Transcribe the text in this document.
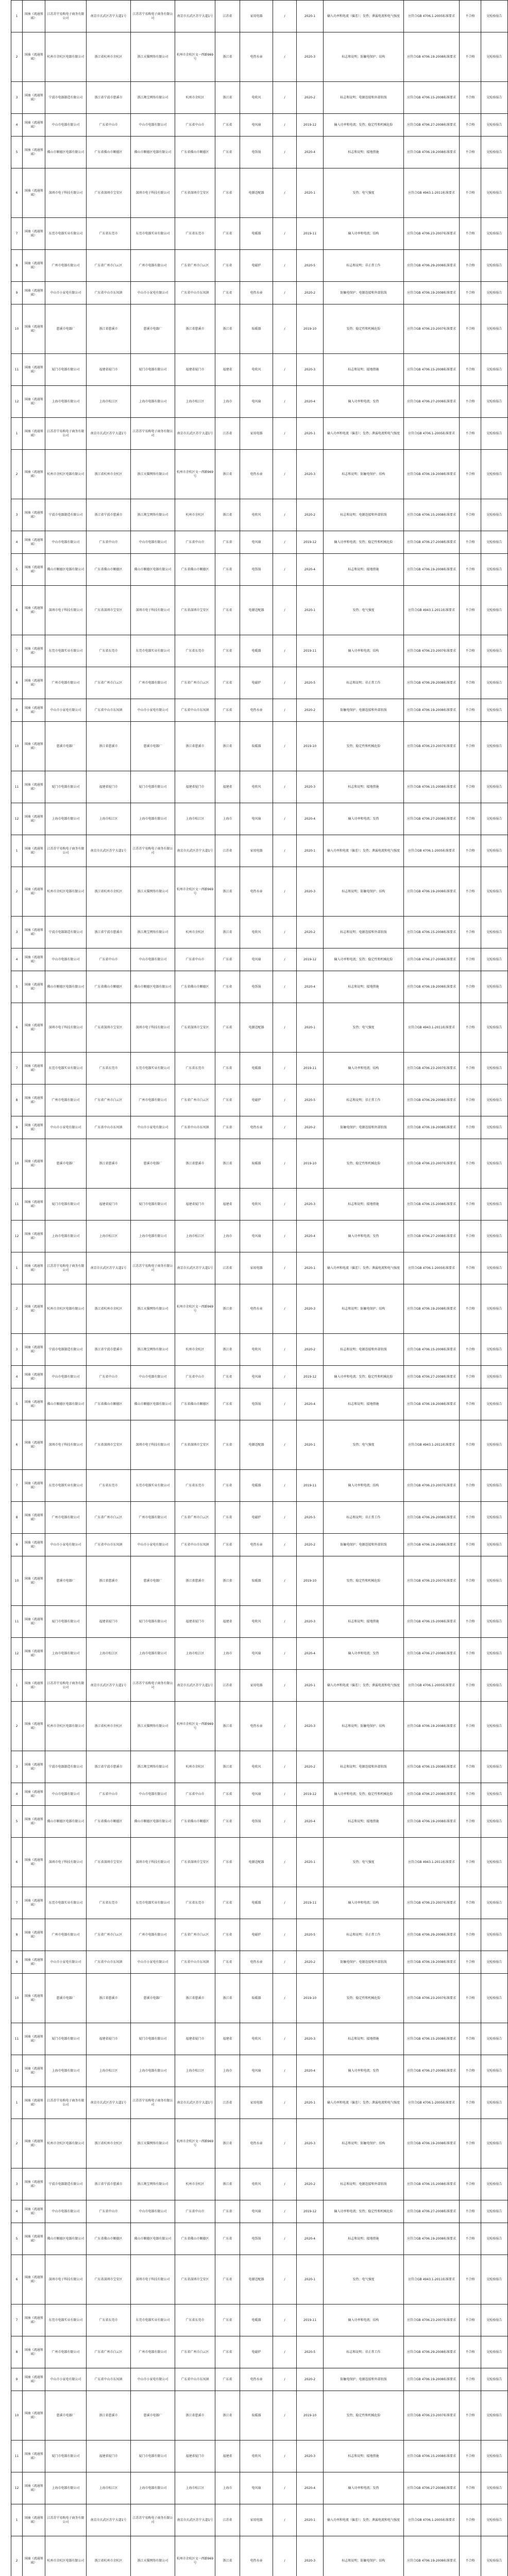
1	国抽（流通领域）	江苏苏宁易购电子商务有限公司	南京市玄武区苏宁大道1号	江苏苏宁易购电子商务有限公司	南京市玄武区苏宁大道1号	江苏省	家用电器	/	2020-1	输入功率和电流（偏差）；发热；泄漏电流和电气强度	应符合GB 4706.1-2005标准要求	不合格	见检验报告
2	国抽（流通领域）	杭州市余杭区电器有限公司	浙江省杭州市余杭区	浙江天猫网络有限公司	杭州市余杭区文一西路969号	浙江省	电热水壶	/	2020-3	标志和说明；防触电保护；结构	应符合GB 4706.19-2008标准要求	不合格	见检验报告
3	国抽（流通领域）	宁波市电器制造有限公司	浙江省宁波市慈溪市	浙江淘宝网络有限公司	杭州市余杭区	浙江省	电吹风	/	2020-2	标志和说明；电源连接和外部软线	应符合GB 4706.15-2008标准要求	不合格	见检验报告
4	国抽（流通领域）	中山市电器有限公司	广东省中山市	中山市电器有限公司	广东省中山市	广东省	电风扇	/	2019-12	输入功率和电流；发热；稳定性和机械危险	应符合GB 4706.27-2008标准要求	不合格	见检验报告
5	国抽（流通领域）	佛山市顺德区电器有限公司	广东省佛山市顺德区	佛山市顺德区电器有限公司	广东省佛山市顺德区	广东省	电饭锅	/	2020-4	标志和说明；接地措施	应符合GB 4706.19-2008标准要求	不合格	见检验报告
6	国抽（流通领域）	深圳市电子科技有限公司	广东省深圳市宝安区	深圳市电子科技有限公司	广东省深圳市宝安区	广东省	电源适配器	/	2020-1	发热；电气强度	应符合GB 4943.1-2011标准要求	不合格	见检验报告
7	国抽（流通领域）	东莞市电器实业有限公司	广东省东莞市	东莞市电器实业有限公司	广东省东莞市	广东省	电暖器	/	2019-11	输入功率和电流；结构	应符合GB 4706.23-2007标准要求	不合格	见检验报告
8	国抽（流通领域）	广州市电器有限公司	广东省广州市白云区	广州市电器有限公司	广东省广州市白云区	广东省	电磁炉	/	2020-5	标志和说明；非正常工作	应符合GB 4706.29-2008标准要求	不合格	见检验报告
9	国抽（流通领域）	中山市小家电有限公司	广东省中山市东凤镇	中山市小家电有限公司	广东省中山市东凤镇	广东省	电热水壶	/	2020-2	防触电保护；电源连接和外部软线	应符合GB 4706.19-2008标准要求	不合格	见检验报告
10	国抽（流通领域）	慈溪市电器厂	浙江省慈溪市	慈溪市电器厂	浙江省慈溪市	浙江省	取暖器	/	2019-10	发热；稳定性和机械危险	应符合GB 4706.23-2007标准要求	不合格	见检验报告
11	国抽（流通领域）	厦门市电器有限公司	福建省厦门市	厦门市电器有限公司	福建省厦门市	福建省	电吹风	/	2020-3	标志和说明；接地措施	应符合GB 4706.15-2008标准要求	不合格	见检验报告
12	国抽（流通领域）	上海市电器有限公司	上海市松江区	上海市电器有限公司	上海市松江区	上海市	电风扇	/	2020-4	输入功率和电流；发热	应符合GB 4706.27-2008标准要求	不合格	见检验报告
1	国抽（流通领域）	江苏苏宁易购电子商务有限公司	南京市玄武区苏宁大道1号	江苏苏宁易购电子商务有限公司	南京市玄武区苏宁大道1号	江苏省	家用电器	/	2020-1	输入功率和电流（偏差）；发热；泄漏电流和电气强度	应符合GB 4706.1-2005标准要求	不合格	见检验报告
2	国抽（流通领域）	杭州市余杭区电器有限公司	浙江省杭州市余杭区	浙江天猫网络有限公司	杭州市余杭区文一西路969号	浙江省	电热水壶	/	2020-3	标志和说明；防触电保护；结构	应符合GB 4706.19-2008标准要求	不合格	见检验报告
3	国抽（流通领域）	宁波市电器制造有限公司	浙江省宁波市慈溪市	浙江淘宝网络有限公司	杭州市余杭区	浙江省	电吹风	/	2020-2	标志和说明；电源连接和外部软线	应符合GB 4706.15-2008标准要求	不合格	见检验报告
4	国抽（流通领域）	中山市电器有限公司	广东省中山市	中山市电器有限公司	广东省中山市	广东省	电风扇	/	2019-12	输入功率和电流；发热；稳定性和机械危险	应符合GB 4706.27-2008标准要求	不合格	见检验报告
5	国抽（流通领域）	佛山市顺德区电器有限公司	广东省佛山市顺德区	佛山市顺德区电器有限公司	广东省佛山市顺德区	广东省	电饭锅	/	2020-4	标志和说明；接地措施	应符合GB 4706.19-2008标准要求	不合格	见检验报告
6	国抽（流通领域）	深圳市电子科技有限公司	广东省深圳市宝安区	深圳市电子科技有限公司	广东省深圳市宝安区	广东省	电源适配器	/	2020-1	发热；电气强度	应符合GB 4943.1-2011标准要求	不合格	见检验报告
7	国抽（流通领域）	东莞市电器实业有限公司	广东省东莞市	东莞市电器实业有限公司	广东省东莞市	广东省	电暖器	/	2019-11	输入功率和电流；结构	应符合GB 4706.23-2007标准要求	不合格	见检验报告
8	国抽（流通领域）	广州市电器有限公司	广东省广州市白云区	广州市电器有限公司	广东省广州市白云区	广东省	电磁炉	/	2020-5	标志和说明；非正常工作	应符合GB 4706.29-2008标准要求	不合格	见检验报告
9	国抽（流通领域）	中山市小家电有限公司	广东省中山市东凤镇	中山市小家电有限公司	广东省中山市东凤镇	广东省	电热水壶	/	2020-2	防触电保护；电源连接和外部软线	应符合GB 4706.19-2008标准要求	不合格	见检验报告
10	国抽（流通领域）	慈溪市电器厂	浙江省慈溪市	慈溪市电器厂	浙江省慈溪市	浙江省	取暖器	/	2019-10	发热；稳定性和机械危险	应符合GB 4706.23-2007标准要求	不合格	见检验报告
11	国抽（流通领域）	厦门市电器有限公司	福建省厦门市	厦门市电器有限公司	福建省厦门市	福建省	电吹风	/	2020-3	标志和说明；接地措施	应符合GB 4706.15-2008标准要求	不合格	见检验报告
12	国抽（流通领域）	上海市电器有限公司	上海市松江区	上海市电器有限公司	上海市松江区	上海市	电风扇	/	2020-4	输入功率和电流；发热	应符合GB 4706.27-2008标准要求	不合格	见检验报告
1	国抽（流通领域）	江苏苏宁易购电子商务有限公司	南京市玄武区苏宁大道1号	江苏苏宁易购电子商务有限公司	南京市玄武区苏宁大道1号	江苏省	家用电器	/	2020-1	输入功率和电流（偏差）；发热；泄漏电流和电气强度	应符合GB 4706.1-2005标准要求	不合格	见检验报告
2	国抽（流通领域）	杭州市余杭区电器有限公司	浙江省杭州市余杭区	浙江天猫网络有限公司	杭州市余杭区文一西路969号	浙江省	电热水壶	/	2020-3	标志和说明；防触电保护；结构	应符合GB 4706.19-2008标准要求	不合格	见检验报告
3	国抽（流通领域）	宁波市电器制造有限公司	浙江省宁波市慈溪市	浙江淘宝网络有限公司	杭州市余杭区	浙江省	电吹风	/	2020-2	标志和说明；电源连接和外部软线	应符合GB 4706.15-2008标准要求	不合格	见检验报告
4	国抽（流通领域）	中山市电器有限公司	广东省中山市	中山市电器有限公司	广东省中山市	广东省	电风扇	/	2019-12	输入功率和电流；发热；稳定性和机械危险	应符合GB 4706.27-2008标准要求	不合格	见检验报告
5	国抽（流通领域）	佛山市顺德区电器有限公司	广东省佛山市顺德区	佛山市顺德区电器有限公司	广东省佛山市顺德区	广东省	电饭锅	/	2020-4	标志和说明；接地措施	应符合GB 4706.19-2008标准要求	不合格	见检验报告
6	国抽（流通领域）	深圳市电子科技有限公司	广东省深圳市宝安区	深圳市电子科技有限公司	广东省深圳市宝安区	广东省	电源适配器	/	2020-1	发热；电气强度	应符合GB 4943.1-2011标准要求	不合格	见检验报告
7	国抽（流通领域）	东莞市电器实业有限公司	广东省东莞市	东莞市电器实业有限公司	广东省东莞市	广东省	电暖器	/	2019-11	输入功率和电流；结构	应符合GB 4706.23-2007标准要求	不合格	见检验报告
8	国抽（流通领域）	广州市电器有限公司	广东省广州市白云区	广州市电器有限公司	广东省广州市白云区	广东省	电磁炉	/	2020-5	标志和说明；非正常工作	应符合GB 4706.29-2008标准要求	不合格	见检验报告
9	国抽（流通领域）	中山市小家电有限公司	广东省中山市东凤镇	中山市小家电有限公司	广东省中山市东凤镇	广东省	电热水壶	/	2020-2	防触电保护；电源连接和外部软线	应符合GB 4706.19-2008标准要求	不合格	见检验报告
10	国抽（流通领域）	慈溪市电器厂	浙江省慈溪市	慈溪市电器厂	浙江省慈溪市	浙江省	取暖器	/	2019-10	发热；稳定性和机械危险	应符合GB 4706.23-2007标准要求	不合格	见检验报告
11	国抽（流通领域）	厦门市电器有限公司	福建省厦门市	厦门市电器有限公司	福建省厦门市	福建省	电吹风	/	2020-3	标志和说明；接地措施	应符合GB 4706.15-2008标准要求	不合格	见检验报告
12	国抽（流通领域）	上海市电器有限公司	上海市松江区	上海市电器有限公司	上海市松江区	上海市	电风扇	/	2020-4	输入功率和电流；发热	应符合GB 4706.27-2008标准要求	不合格	见检验报告
1	国抽（流通领域）	江苏苏宁易购电子商务有限公司	南京市玄武区苏宁大道1号	江苏苏宁易购电子商务有限公司	南京市玄武区苏宁大道1号	江苏省	家用电器	/	2020-1	输入功率和电流（偏差）；发热；泄漏电流和电气强度	应符合GB 4706.1-2005标准要求	不合格	见检验报告
2	国抽（流通领域）	杭州市余杭区电器有限公司	浙江省杭州市余杭区	浙江天猫网络有限公司	杭州市余杭区文一西路969号	浙江省	电热水壶	/	2020-3	标志和说明；防触电保护；结构	应符合GB 4706.19-2008标准要求	不合格	见检验报告
3	国抽（流通领域）	宁波市电器制造有限公司	浙江省宁波市慈溪市	浙江淘宝网络有限公司	杭州市余杭区	浙江省	电吹风	/	2020-2	标志和说明；电源连接和外部软线	应符合GB 4706.15-2008标准要求	不合格	见检验报告
4	国抽（流通领域）	中山市电器有限公司	广东省中山市	中山市电器有限公司	广东省中山市	广东省	电风扇	/	2019-12	输入功率和电流；发热；稳定性和机械危险	应符合GB 4706.27-2008标准要求	不合格	见检验报告
5	国抽（流通领域）	佛山市顺德区电器有限公司	广东省佛山市顺德区	佛山市顺德区电器有限公司	广东省佛山市顺德区	广东省	电饭锅	/	2020-4	标志和说明；接地措施	应符合GB 4706.19-2008标准要求	不合格	见检验报告
6	国抽（流通领域）	深圳市电子科技有限公司	广东省深圳市宝安区	深圳市电子科技有限公司	广东省深圳市宝安区	广东省	电源适配器	/	2020-1	发热；电气强度	应符合GB 4943.1-2011标准要求	不合格	见检验报告
7	国抽（流通领域）	东莞市电器实业有限公司	广东省东莞市	东莞市电器实业有限公司	广东省东莞市	广东省	电暖器	/	2019-11	输入功率和电流；结构	应符合GB 4706.23-2007标准要求	不合格	见检验报告
8	国抽（流通领域）	广州市电器有限公司	广东省广州市白云区	广州市电器有限公司	广东省广州市白云区	广东省	电磁炉	/	2020-5	标志和说明；非正常工作	应符合GB 4706.29-2008标准要求	不合格	见检验报告
9	国抽（流通领域）	中山市小家电有限公司	广东省中山市东凤镇	中山市小家电有限公司	广东省中山市东凤镇	广东省	电热水壶	/	2020-2	防触电保护；电源连接和外部软线	应符合GB 4706.19-2008标准要求	不合格	见检验报告
10	国抽（流通领域）	慈溪市电器厂	浙江省慈溪市	慈溪市电器厂	浙江省慈溪市	浙江省	取暖器	/	2019-10	发热；稳定性和机械危险	应符合GB 4706.23-2007标准要求	不合格	见检验报告
11	国抽（流通领域）	厦门市电器有限公司	福建省厦门市	厦门市电器有限公司	福建省厦门市	福建省	电吹风	/	2020-3	标志和说明；接地措施	应符合GB 4706.15-2008标准要求	不合格	见检验报告
12	国抽（流通领域）	上海市电器有限公司	上海市松江区	上海市电器有限公司	上海市松江区	上海市	电风扇	/	2020-4	输入功率和电流；发热	应符合GB 4706.27-2008标准要求	不合格	见检验报告
1	国抽（流通领域）	江苏苏宁易购电子商务有限公司	南京市玄武区苏宁大道1号	江苏苏宁易购电子商务有限公司	南京市玄武区苏宁大道1号	江苏省	家用电器	/	2020-1	输入功率和电流（偏差）；发热；泄漏电流和电气强度	应符合GB 4706.1-2005标准要求	不合格	见检验报告
2	国抽（流通领域）	杭州市余杭区电器有限公司	浙江省杭州市余杭区	浙江天猫网络有限公司	杭州市余杭区文一西路969号	浙江省	电热水壶	/	2020-3	标志和说明；防触电保护；结构	应符合GB 4706.19-2008标准要求	不合格	见检验报告
3	国抽（流通领域）	宁波市电器制造有限公司	浙江省宁波市慈溪市	浙江淘宝网络有限公司	杭州市余杭区	浙江省	电吹风	/	2020-2	标志和说明；电源连接和外部软线	应符合GB 4706.15-2008标准要求	不合格	见检验报告
4	国抽（流通领域）	中山市电器有限公司	广东省中山市	中山市电器有限公司	广东省中山市	广东省	电风扇	/	2019-12	输入功率和电流；发热；稳定性和机械危险	应符合GB 4706.27-2008标准要求	不合格	见检验报告
5	国抽（流通领域）	佛山市顺德区电器有限公司	广东省佛山市顺德区	佛山市顺德区电器有限公司	广东省佛山市顺德区	广东省	电饭锅	/	2020-4	标志和说明；接地措施	应符合GB 4706.19-2008标准要求	不合格	见检验报告
6	国抽（流通领域）	深圳市电子科技有限公司	广东省深圳市宝安区	深圳市电子科技有限公司	广东省深圳市宝安区	广东省	电源适配器	/	2020-1	发热；电气强度	应符合GB 4943.1-2011标准要求	不合格	见检验报告
7	国抽（流通领域）	东莞市电器实业有限公司	广东省东莞市	东莞市电器实业有限公司	广东省东莞市	广东省	电暖器	/	2019-11	输入功率和电流；结构	应符合GB 4706.23-2007标准要求	不合格	见检验报告
8	国抽（流通领域）	广州市电器有限公司	广东省广州市白云区	广州市电器有限公司	广东省广州市白云区	广东省	电磁炉	/	2020-5	标志和说明；非正常工作	应符合GB 4706.29-2008标准要求	不合格	见检验报告
9	国抽（流通领域）	中山市小家电有限公司	广东省中山市东凤镇	中山市小家电有限公司	广东省中山市东凤镇	广东省	电热水壶	/	2020-2	防触电保护；电源连接和外部软线	应符合GB 4706.19-2008标准要求	不合格	见检验报告
10	国抽（流通领域）	慈溪市电器厂	浙江省慈溪市	慈溪市电器厂	浙江省慈溪市	浙江省	取暖器	/	2019-10	发热；稳定性和机械危险	应符合GB 4706.23-2007标准要求	不合格	见检验报告
11	国抽（流通领域）	厦门市电器有限公司	福建省厦门市	厦门市电器有限公司	福建省厦门市	福建省	电吹风	/	2020-3	标志和说明；接地措施	应符合GB 4706.15-2008标准要求	不合格	见检验报告
12	国抽（流通领域）	上海市电器有限公司	上海市松江区	上海市电器有限公司	上海市松江区	上海市	电风扇	/	2020-4	输入功率和电流；发热	应符合GB 4706.27-2008标准要求	不合格	见检验报告
1	国抽（流通领域）	江苏苏宁易购电子商务有限公司	南京市玄武区苏宁大道1号	江苏苏宁易购电子商务有限公司	南京市玄武区苏宁大道1号	江苏省	家用电器	/	2020-1	输入功率和电流（偏差）；发热；泄漏电流和电气强度	应符合GB 4706.1-2005标准要求	不合格	见检验报告
2	国抽（流通领域）	杭州市余杭区电器有限公司	浙江省杭州市余杭区	浙江天猫网络有限公司	杭州市余杭区文一西路969号	浙江省	电热水壶	/	2020-3	标志和说明；防触电保护；结构	应符合GB 4706.19-2008标准要求	不合格	见检验报告
3	国抽（流通领域）	宁波市电器制造有限公司	浙江省宁波市慈溪市	浙江淘宝网络有限公司	杭州市余杭区	浙江省	电吹风	/	2020-2	标志和说明；电源连接和外部软线	应符合GB 4706.15-2008标准要求	不合格	见检验报告
4	国抽（流通领域）	中山市电器有限公司	广东省中山市	中山市电器有限公司	广东省中山市	广东省	电风扇	/	2019-12	输入功率和电流；发热；稳定性和机械危险	应符合GB 4706.27-2008标准要求	不合格	见检验报告
5	国抽（流通领域）	佛山市顺德区电器有限公司	广东省佛山市顺德区	佛山市顺德区电器有限公司	广东省佛山市顺德区	广东省	电饭锅	/	2020-4	标志和说明；接地措施	应符合GB 4706.19-2008标准要求	不合格	见检验报告
6	国抽（流通领域）	深圳市电子科技有限公司	广东省深圳市宝安区	深圳市电子科技有限公司	广东省深圳市宝安区	广东省	电源适配器	/	2020-1	发热；电气强度	应符合GB 4943.1-2011标准要求	不合格	见检验报告
7	国抽（流通领域）	东莞市电器实业有限公司	广东省东莞市	东莞市电器实业有限公司	广东省东莞市	广东省	电暖器	/	2019-11	输入功率和电流；结构	应符合GB 4706.23-2007标准要求	不合格	见检验报告
8	国抽（流通领域）	广州市电器有限公司	广东省广州市白云区	广州市电器有限公司	广东省广州市白云区	广东省	电磁炉	/	2020-5	标志和说明；非正常工作	应符合GB 4706.29-2008标准要求	不合格	见检验报告
9	国抽（流通领域）	中山市小家电有限公司	广东省中山市东凤镇	中山市小家电有限公司	广东省中山市东凤镇	广东省	电热水壶	/	2020-2	防触电保护；电源连接和外部软线	应符合GB 4706.19-2008标准要求	不合格	见检验报告
10	国抽（流通领域）	慈溪市电器厂	浙江省慈溪市	慈溪市电器厂	浙江省慈溪市	浙江省	取暖器	/	2019-10	发热；稳定性和机械危险	应符合GB 4706.23-2007标准要求	不合格	见检验报告
11	国抽（流通领域）	厦门市电器有限公司	福建省厦门市	厦门市电器有限公司	福建省厦门市	福建省	电吹风	/	2020-3	标志和说明；接地措施	应符合GB 4706.15-2008标准要求	不合格	见检验报告
12	国抽（流通领域）	上海市电器有限公司	上海市松江区	上海市电器有限公司	上海市松江区	上海市	电风扇	/	2020-4	输入功率和电流；发热	应符合GB 4706.27-2008标准要求	不合格	见检验报告
1	国抽（流通领域）	江苏苏宁易购电子商务有限公司	南京市玄武区苏宁大道1号	江苏苏宁易购电子商务有限公司	南京市玄武区苏宁大道1号	江苏省	家用电器	/	2020-1	输入功率和电流（偏差）；发热；泄漏电流和电气强度	应符合GB 4706.1-2005标准要求	不合格	见检验报告
2	国抽（流通领域）	杭州市余杭区电器有限公司	浙江省杭州市余杭区	浙江天猫网络有限公司	杭州市余杭区文一西路969号	浙江省	电热水壶	/	2020-3	标志和说明；防触电保护；结构	应符合GB 4706.19-2008标准要求	不合格	见检验报告
